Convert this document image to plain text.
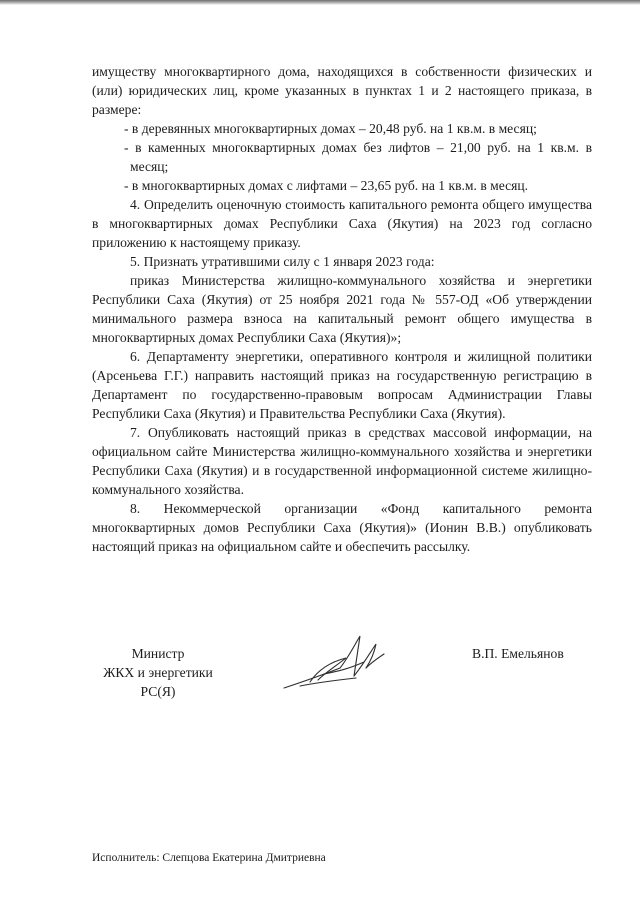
имуществу многоквартирного дома, находящихся в собственности физических и (или) юридических лиц, кроме указанных в пунктах 1 и 2 настоящего приказа, в размере:

- в деревянных многоквартирных домах – 20,48 руб. на 1 кв.м. в месяц;

- в каменных многоквартирных домах без лифтов – 21,00 руб. на 1 кв.м. в месяц;

- в многоквартирных домах с лифтами – 23,65 руб. на 1 кв.м. в месяц.

4. Определить оценочную стоимость капитального ремонта общего имущества в многоквартирных домах Республики Саха (Якутия) на 2023 год согласно приложению к настоящему приказу.

5. Признать утратившими силу с 1 января 2023 года:

приказ Министерства жилищно-коммунального хозяйства и энергетики Республики Саха (Якутия) от 25 ноября 2021 года № 557-ОД «Об утверждении минимального размера взноса на капитальный ремонт общего имущества в многоквартирных домах Республики Саха (Якутия)»;

6. Департаменту энергетики, оперативного контроля и жилищной политики (Арсеньева Г.Г.) направить настоящий приказ на государственную регистрацию в Департамент по государственно-правовым вопросам Администрации Главы Республики Саха (Якутия) и Правительства Республики Саха (Якутия).

7. Опубликовать настоящий приказ в средствах массовой информации, на официальном сайте Министерства жилищно-коммунального хозяйства и энергетики Республики Саха (Якутия) и в государственной информационной системе жилищно-коммунального хозяйства.

8. Некоммерческой организации «Фонд капитального ремонта многоквартирных домов Республики Саха (Якутия)» (Ионин В.В.) опубликовать настоящий приказ на официальном сайте и обеспечить рассылку.

Министр
ЖКХ и энергетики
РС(Я)
В.П. Емельянов
Исполнитель: Слепцова Екатерина Дмитриевна
